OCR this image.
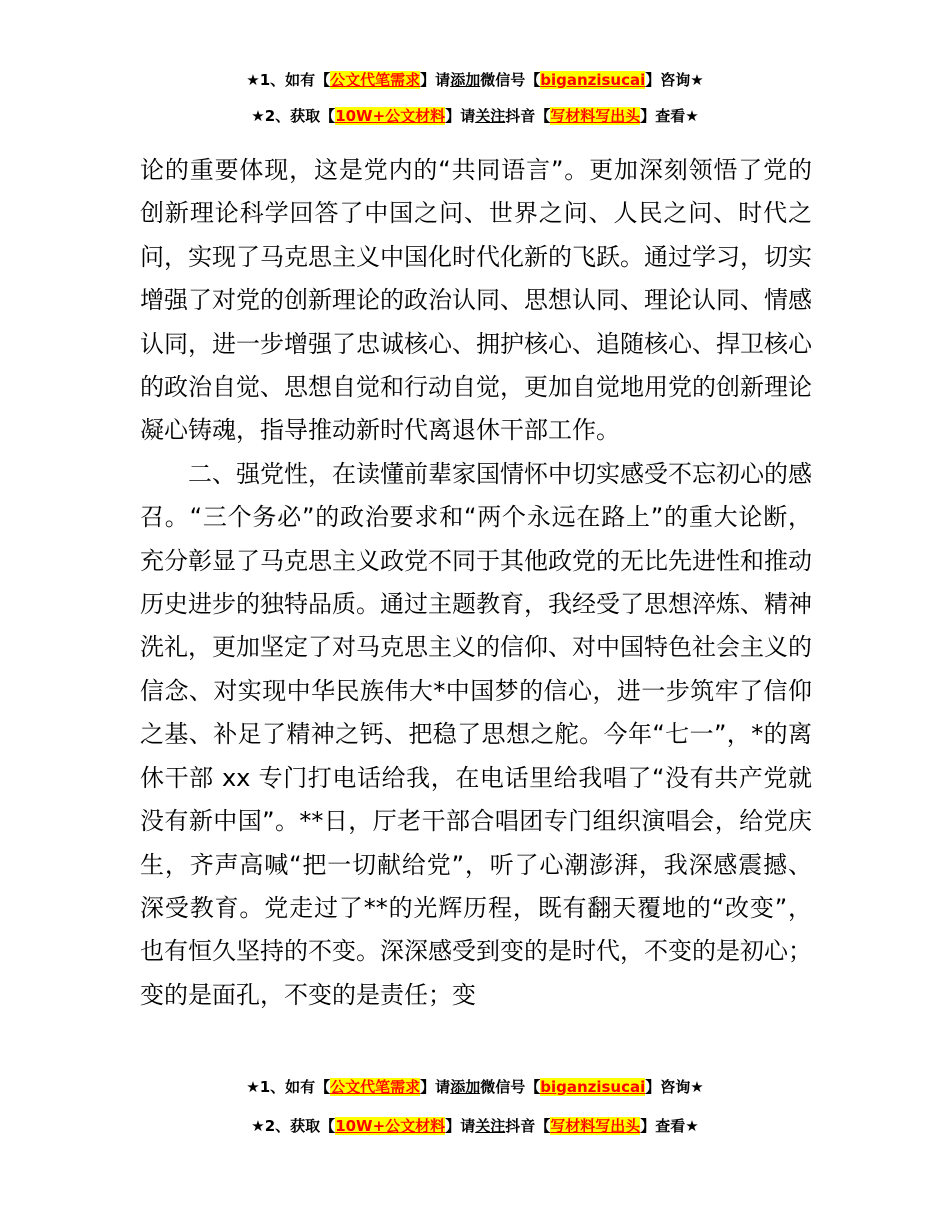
★1、如有【公文代笔需求】请添加微信号【biganzisucai】咨询★
★2、获取【10W+公文材料】请关注抖音【写材料写出头】查看★

论的重要体现，这是党内的“共同语言”。更加深刻领悟了党的创新理论科学回答了中国之问、世界之问、人民之问、时代之问，实现了马克思主义中国化时代化新的飞跃。通过学习，切实增强了对党的创新理论的政治认同、思想认同、理论认同、情感认同，进一步增强了忠诚核心、拥护核心、追随核心、捍卫核心的政治自觉、思想自觉和行动自觉，更加自觉地用党的创新理论凝心铸魂，指导推动新时代离退休干部工作。

二、强党性，在读懂前辈家国情怀中切实感受不忘初心的感召。“三个务必”的政治要求和“两个永远在路上”的重大论断，充分彰显了马克思主义政党不同于其他政党的无比先进性和推动历史进步的独特品质。通过主题教育，我经受了思想淬炼、精神洗礼，更加坚定了对马克思主义的信仰、对中国特色社会主义的信念、对实现中华民族伟大*中国梦的信心，进一步筑牢了信仰之基、补足了精神之钙、把稳了思想之舵。今年“七一”，*的离休干部 xx 专门打电话给我，在电话里给我唱了“没有共产党就没有新中国”。**日，厅老干部合唱团专门组织演唱会，给党庆生，齐声高喊“把一切献给党”，听了心潮澎湃，我深感震撼、深受教育。党走过了**的光辉历程，既有翻天覆地的“改变”，也有恒久坚持的不变。深深感受到变的是时代，不变的是初心；变的是面孔，不变的是责任；变

★1、如有【公文代笔需求】请添加微信号【biganzisucai】咨询★
★2、获取【10W+公文材料】请关注抖音【写材料写出头】查看★
